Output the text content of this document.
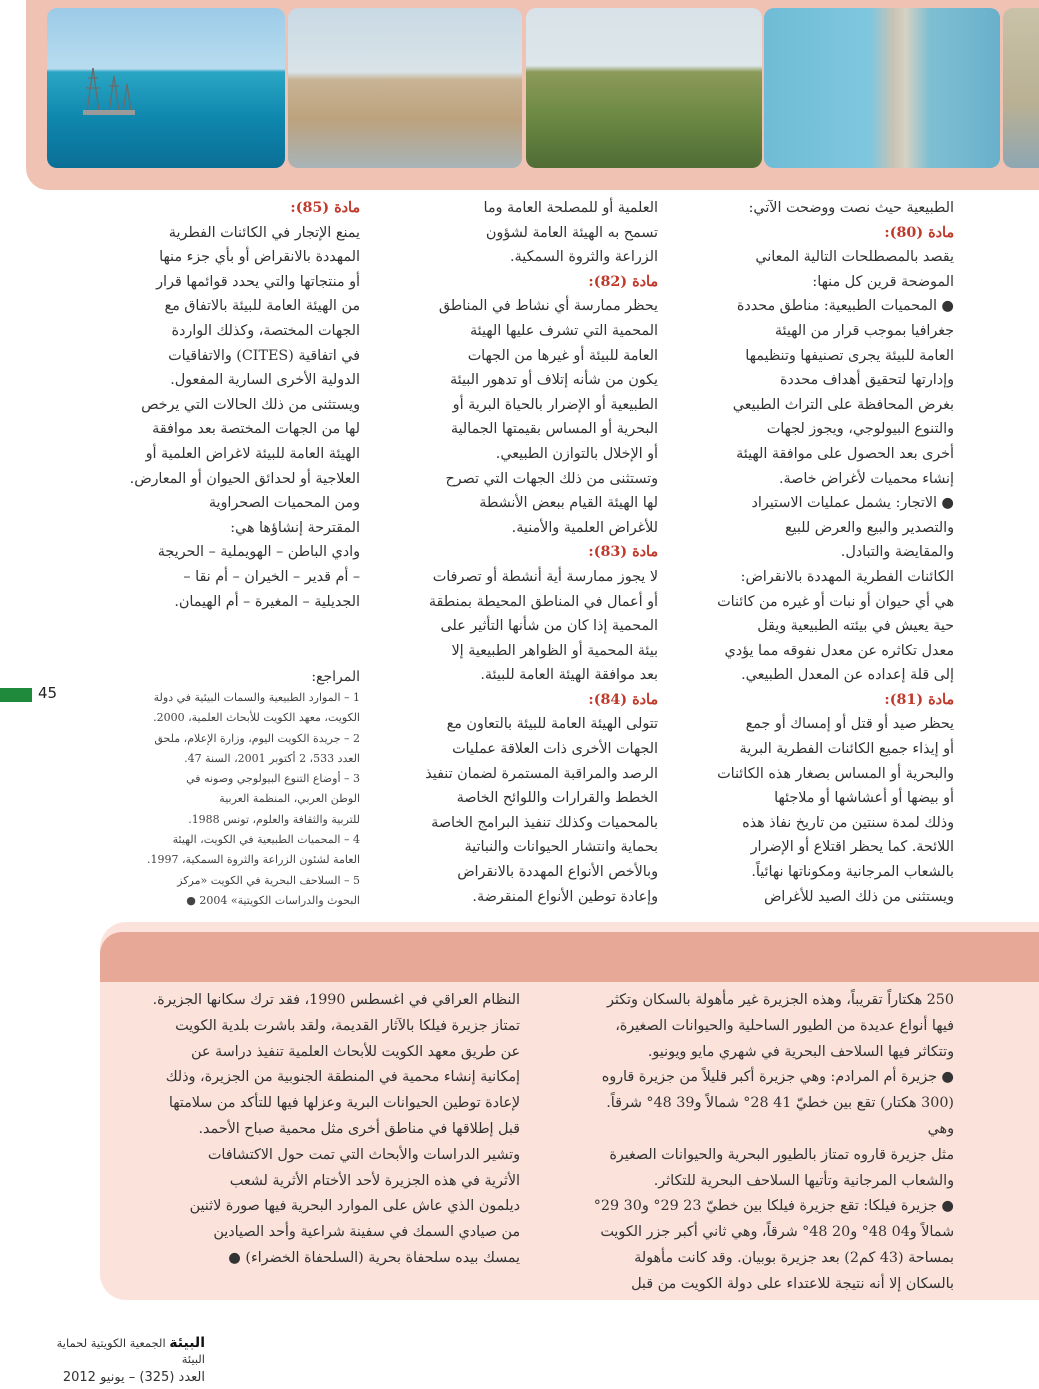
الطبيعية حيث نصت ووضحت الآتي:

مادة (80):

يقصد بالمصطلحات التالية المعاني

الموضحة قرين كل منها:

● المحميات الطبيعية: مناطق محددة

جغرافيا بموجب قرار من الهيئة

العامة للبيئة يجرى تصنيفها وتنظيمها

وإدارتها لتحقيق أهداف محددة

بغرض المحافظة على التراث الطبيعي

والتنوع البيولوجي، ويجوز لجهات

أخرى بعد الحصول على موافقة الهيئة

إنشاء محميات لأغراض خاصة.

● الاتجار: يشمل عمليات الاستيراد

والتصدير والبيع والعرض للبيع

والمقايضة والتبادل.

الكائنات الفطرية المهددة بالانقراض:

هي أي حيوان أو نبات أو غيره من كائنات

حية يعيش في بيئته الطبيعية ويقل

معدل تكاثره عن معدل نفوقه مما يؤدي

إلى قلة إعداده عن المعدل الطبيعي.

مادة (81):

يحظر صيد أو قتل أو إمساك أو جمع

أو إيذاء جميع الكائنات الفطرية البرية

والبحرية أو المساس بصغار هذه الكائنات

أو بيضها أو أعشاشها أو ملاجئها

وذلك لمدة سنتين من تاريخ نفاذ هذه

اللائحة. كما يحظر اقتلاع أو الإضرار

بالشعاب المرجانية ومكوناتها نهائياً.

ويستثنى من ذلك الصيد للأغراض

العلمية أو للمصلحة العامة وما

تسمح به الهيئة العامة لشؤون

الزراعة والثروة السمكية.

مادة (82):

يحظر ممارسة أي نشاط في المناطق

المحمية التي تشرف عليها الهيئة

العامة للبيئة أو غيرها من الجهات

يكون من شأنه إتلاف أو تدهور البيئة

الطبيعية أو الإضرار بالحياة البرية أو

البحرية أو المساس بقيمتها الجمالية

أو الإخلال بالتوازن الطبيعي.

وتستثنى من ذلك الجهات التي تصرح

لها الهيئة القيام ببعض الأنشطة

للأغراض العلمية والأمنية.

مادة (83):

لا يجوز ممارسة أية أنشطة أو تصرفات

أو أعمال في المناطق المحيطة بمنطقة

المحمية إذا كان من شأنها التأثير على

بيئة المحمية أو الظواهر الطبيعية إلا

بعد موافقة الهيئة العامة للبيئة.

مادة (84):

تتولى الهيئة العامة للبيئة بالتعاون مع

الجهات الأخرى ذات العلاقة عمليات

الرصد والمراقبة المستمرة لضمان تنفيذ

الخطط والقرارات واللوائح الخاصة

بالمحميات وكذلك تنفيذ البرامج الخاصة

بحماية وانتشار الحيوانات والنباتية

وبالأخص الأنواع المهددة بالانقراض

وإعادة توطين الأنواع المنقرضة.

مادة (85):

يمنع الإتجار في الكائنات الفطرية

المهددة بالانقراض أو بأي جزء منها

أو منتجاتها والتي يحدد قوائمها قرار

من الهيئة العامة للبيئة بالاتفاق مع

الجهات المختصة، وكذلك الواردة

في اتفاقية (CITES) والاتفاقيات

الدولية الأخرى السارية المفعول.

ويستثنى من ذلك الحالات التي يرخص

لها من الجهات المختصة بعد موافقة

الهيئة العامة للبيئة لاغراض العلمية أو

العلاجية أو لحدائق الحيوان أو المعارض.

ومن المحميات الصحراوية

المقترحة إنشاؤها هي:

وادي الباطن – الهويملية – الحريجة

– أم قدير – الخيران – أم نقا –

الجديلية – المغيرة – أم الهيمان.

المراجع:
1 – الموارد الطبيعية والسمات البيئية في دولة
الكويت، معهد الكويت للأبحاث العلمية، 2000.
2 – جريدة الكويت اليوم، وزارة الإعلام، ملحق
العدد 533، 2 أكتوبر 2001، السنة 47.
3 – أوضاع التنوع البيولوجي وصونه في
الوطن العربي، المنظمة العربية
للتربية والثقافة والعلوم، تونس 1988.
4 – المحميات الطبيعية في الكويت، الهيئة
العامة لشئون الزراعة والثروة السمكية، 1997.
5 – السلاحف البحرية في الكويت «مركز
البحوث والدراسات الكويتية» 2004 ●
45

250 هكتاراً تقريباً، وهذه الجزيرة غير مأهولة بالسكان وتكثر

فيها أنواع عديدة من الطيور الساحلية والحيوانات الصغيرة،

وتتكاثر فيها السلاحف البحرية في شهري مايو ويونيو.

● جزيرة أم المرادم: وهي جزيرة أكبر قليلاً من جزيرة قاروه

(300 هكتار) تقع بين خطيّ 41 28° شمالاً و39 48° شرقاً. وهي

مثل جزيرة قاروه تمتاز بالطيور البحرية والحيوانات الصغيرة

والشعاب المرجانية وتأتيها السلاحف البحرية للتكاثر.

● جزيرة فيلكا: تقع جزيرة فيلكا بين خطيّ 23 29° و30 29°

شمالاً و04 48° و20 48° شرقاً، وهي ثاني أكبر جزر الكويت

بمساحة (43 كم2) بعد جزيرة بوبيان. وقد كانت مأهولة

بالسكان إلا أنه نتيجة للاعتداء على دولة الكويت من قبل

النظام العراقي في اغسطس 1990، فقد ترك سكانها الجزيرة.

تمتاز جزيرة فيلكا بالآثار القديمة، ولقد باشرت بلدية الكويت

عن طريق معهد الكويت للأبحاث العلمية تنفيذ دراسة عن

إمكانية إنشاء محمية في المنطقة الجنوبية من الجزيرة، وذلك

لإعادة توطين الحيوانات البرية وعزلها فيها للتأكد من سلامتها

قبل إطلاقها في مناطق أخرى مثل محمية صباح الأحمد.

وتشير الدراسات والأبحاث التي تمت حول الاكتشافات

الأثرية في هذه الجزيرة لأحد الأختام الأثرية لشعب

ديلمون الذي عاش على الموارد البحرية فيها صورة لاثنين

من صيادي السمك في سفينة شراعية وأحد الصيادين

يمسك بيده سلحفاة بحرية (السلحفاة الخضراء) ●

البيئة الجمعية الكويتية لحماية البيئة
العدد (325) – يونيو 2012
